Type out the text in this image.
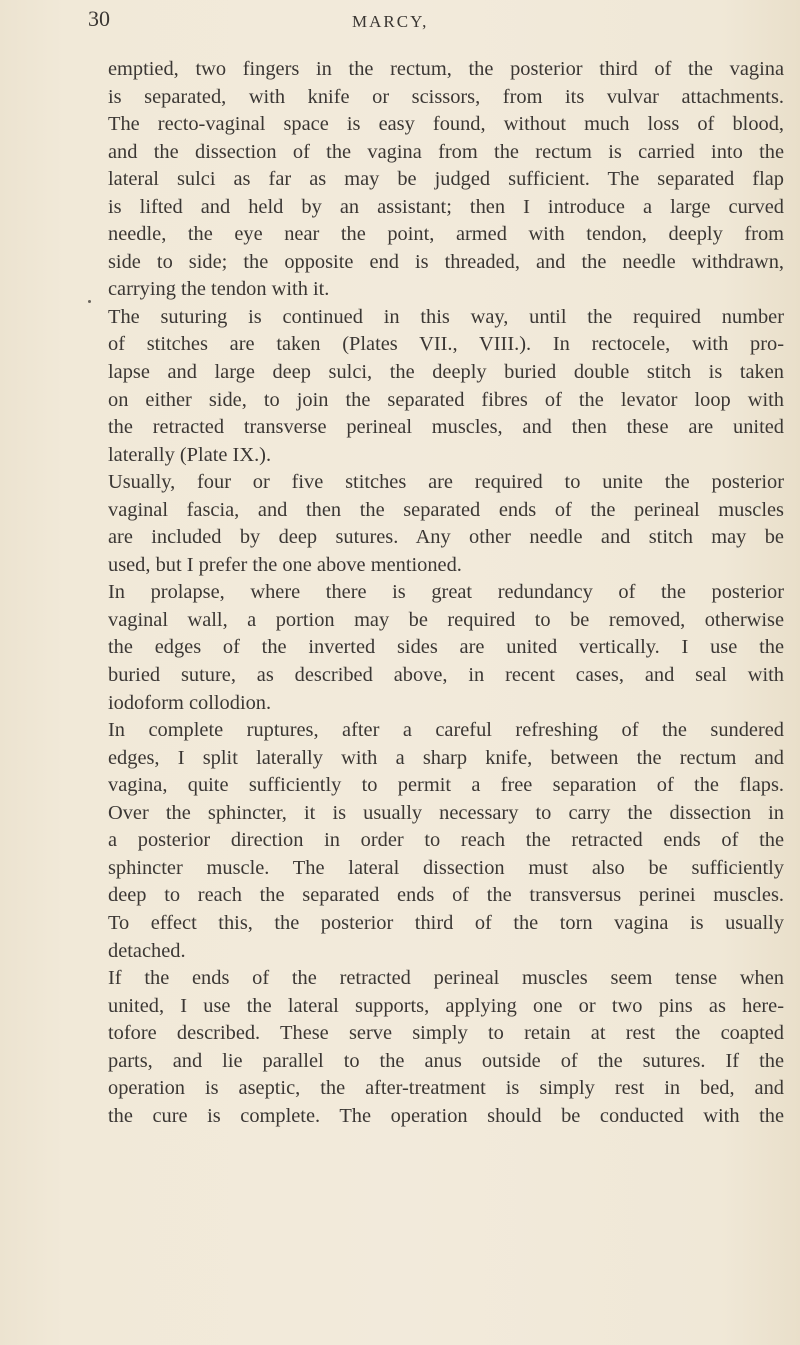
30	MARCY,
emptied, two fingers in the rectum, the posterior third of the vagina
is separated, with knife or scissors, from its vulvar attachments.
The recto-vaginal space is easy found, without much loss of blood,
and the dissection of the vagina from the rectum is carried into the
lateral sulci as far as may be judged sufficient. The separated flap
is lifted and held by an assistant; then I introduce a large curved
needle, the eye near the point, armed with tendon, deeply from
side to side; the opposite end is threaded, and the needle withdrawn,
carrying the tendon with it.
The suturing is continued in this way, until the required number
of stitches are taken (Plates VII., VIII.). In rectocele, with pro-
lapse and large deep sulci, the deeply buried double stitch is taken
on either side, to join the separated fibres of the levator loop with
the retracted transverse perineal muscles, and then these are united
laterally (Plate IX.).
Usually, four or five stitches are required to unite the posterior
vaginal fascia, and then the separated ends of the perineal muscles
are included by deep sutures. Any other needle and stitch may be
used, but I prefer the one above mentioned.
In prolapse, where there is great redundancy of the posterior
vaginal wall, a portion may be required to be removed, otherwise
the edges of the inverted sides are united vertically. I use the
buried suture, as described above, in recent cases, and seal with
iodoform collodion.
In complete ruptures, after a careful refreshing of the sundered
edges, I split laterally with a sharp knife, between the rectum and
vagina, quite sufficiently to permit a free separation of the flaps.
Over the sphincter, it is usually necessary to carry the dissection in
a posterior direction in order to reach the retracted ends of the
sphincter muscle. The lateral dissection must also be sufficiently
deep to reach the separated ends of the transversus perinei muscles.
To effect this, the posterior third of the torn vagina is usually
detached.
If the ends of the retracted perineal muscles seem tense when
united, I use the lateral supports, applying one or two pins as here-
tofore described. These serve simply to retain at rest the coapted
parts, and lie parallel to the anus outside of the sutures. If the
operation is aseptic, the after-treatment is simply rest in bed, and
the cure is complete. The operation should be conducted with the
